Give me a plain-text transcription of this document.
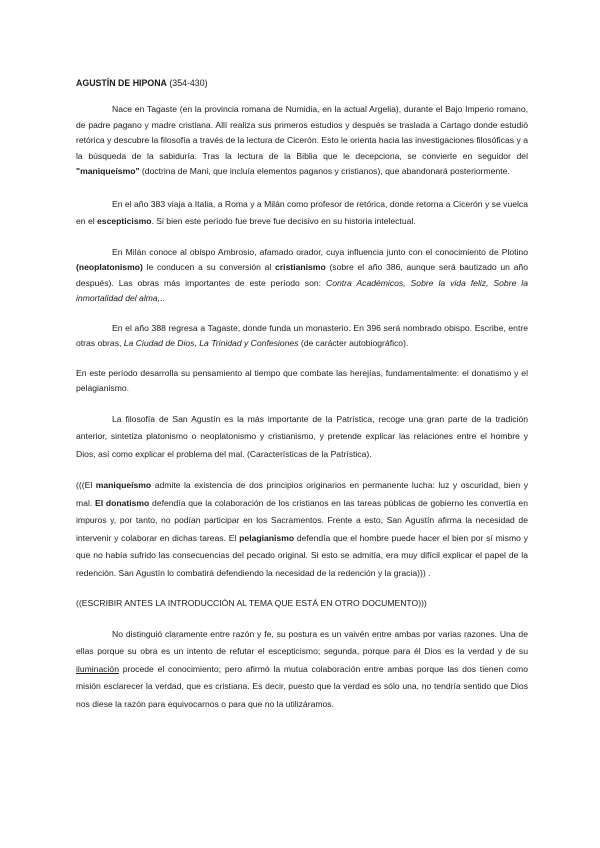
AGUSTÍN DE HIPONA (354-430)

Nace en Tagaste (en la provincia romana de Numidia, en la actual Argelia), durante el Bajo Imperio romano, de padre pagano y madre cristiana. Allí realiza sus primeros estudios y después se traslada a Cartago donde estudió retórica y descubre la filosofía a través de la lectura de Cicerón. Esto le orienta hacia las investigaciones filosóficas y a la búsqueda de la sabiduría. Tras la lectura de la Biblia que le decepciona, se convierte en seguidor del "maniqueísmo" (doctrina de Mani, que incluía elementos paganos y cristianos), que abandonará posteriormente.

En el año 383 viaja a Italia, a Roma y a Milán como profesor de retórica, donde retorna a Cicerón y se vuelca en el escepticismo. Si bien este período fue breve fue decisivo en su historia intelectual.

En Milán conoce al obispo Ambrosio, afamado orador, cuya influencia junto con el conocimiento de Plotino (neoplatonismo) le conducen a su conversión al cristianismo (sobre el año 386, aunque será bautizado un año después). Las obras más importantes de este período son: Contra Académicos, Sobre la vida feliz, Sobre la inmortalidad del alma,..

En el año 388 regresa a Tagaste, donde funda un monasterio. En 396 será nombrado obispo. Escribe, entre otras obras, La Ciudad de Dios, La Trinidad y Confesiones (de carácter autobiográfico).

En este período desarrolla su pensamiento al tiempo que combate las herejías, fundamentalmente: el donatismo y el pelagianismo.

La filosofía de San Agustín es la más importante de la Patrística, recoge una gran parte de la tradición anterior, sintetiza platonismo o neoplatonismo y cristianismo, y pretende explicar las relaciones entre el hombre y Dios, así como explicar el problema del mal. (Características de la Patrística).

(((El maniqueísmo admite la existencia de dos principios originarios en permanente lucha: luz y oscuridad, bien y mal. El donatismo defendía que la colaboración de los cristianos en las tareas públicas de gobierno les convertía en impuros y, por tanto, no podían participar en los Sacramentos. Frente a esto, San Agustín afirma la necesidad de intervenir y colaborar en dichas tareas. El pelagianismo defendía que el hombre puede hacer el bien por sí mismo y que no había sufrido las consecuencias del pecado original. Si esto se admitía, era muy difícil explicar el papel de la redención. San Agustín lo combatirá defendiendo la necesidad de la redención y la gracia))) .

((ESCRIBIR ANTES LA INTRODUCCIÓN AL TEMA QUE ESTÁ EN OTRO DOCUMENTO)))

No distinguió claramente entre razón y fe, su postura es un vaivén entre ambas por varias razones. Una de ellas porque su obra es un intento de refutar el escepticismo; segunda, porque para él Dios es la verdad y de su iluminación procede el conocimiento; pero afirmó la mutua colaboración entre ambas porque las dos tienen como misión esclarecer la verdad, que es cristiana. Es decir, puesto que la verdad es sólo una, no tendría sentido que Dios nos diese la razón para equivocarnos o para que no la utilizáramos.
